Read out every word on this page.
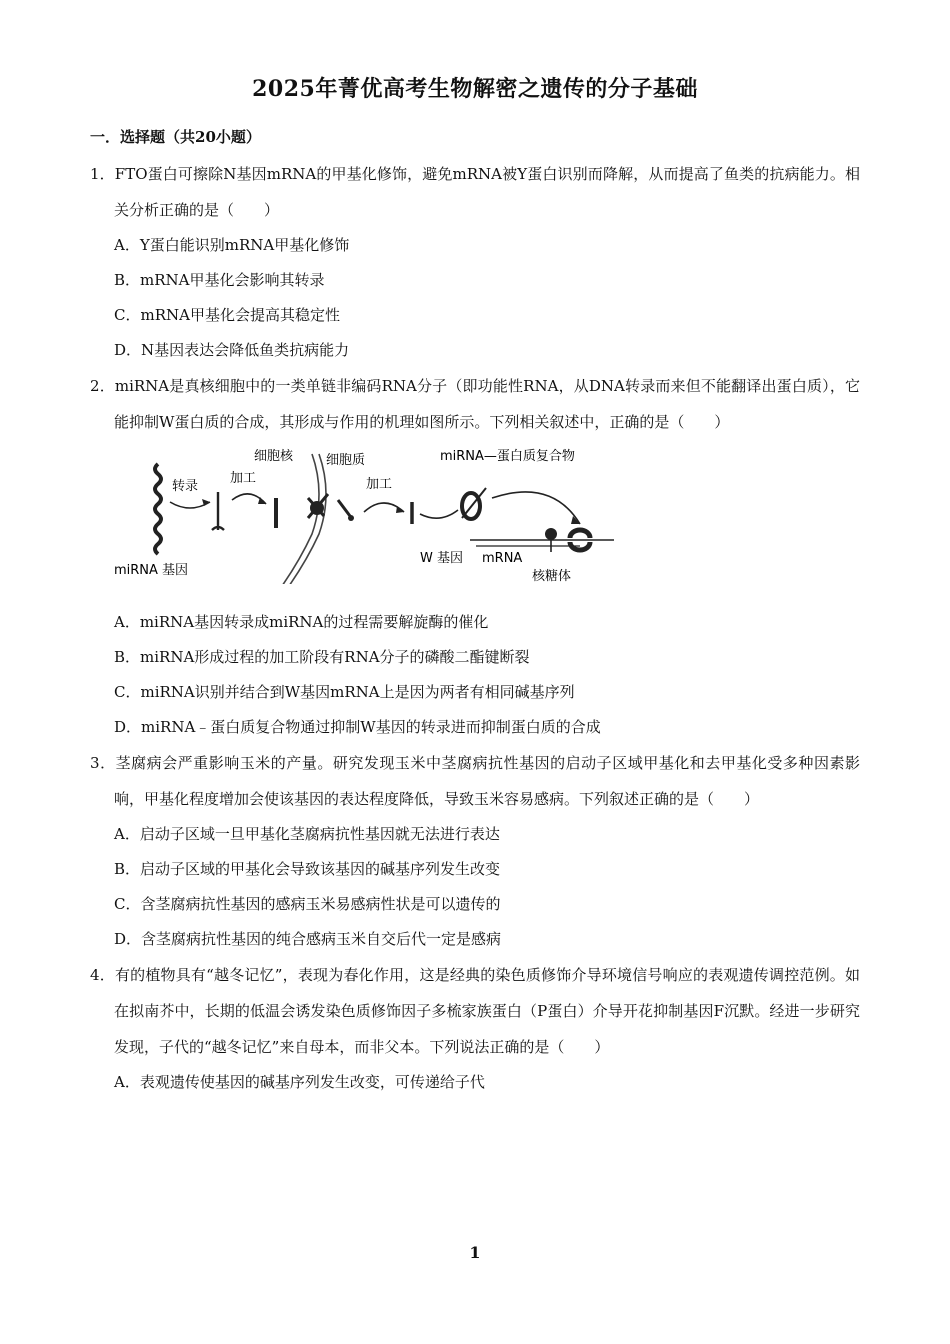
2025年菁优高考生物解密之遗传的分子基础
一．选择题（共20小题）
1．FTO蛋白可擦除N基因mRNA的甲基化修饰，避免mRNA被Y蛋白识别而降解，从而提高了鱼类的抗病能力。相关分析正确的是（　　）
A．Y蛋白能识别mRNA甲基化修饰
B．mRNA甲基化会影响其转录
C．mRNA甲基化会提高其稳定性
D．N基因表达会降低鱼类抗病能力
2．miRNA是真核细胞中的一类单链非编码RNA分子（即功能性RNA，从DNA转录而来但不能翻译出蛋白质），它能抑制W蛋白质的合成，其形成与作用的机理如图所示。下列相关叙述中，正确的是（　　）
miRNA 基因
转录
加工
细胞核	细胞质
加工
miRNA—蛋白质复合物
W 基因 mRNA
核糖体
A．miRNA基因转录成miRNA的过程需要解旋酶的催化
B．miRNA形成过程的加工阶段有RNA分子的磷酸二酯键断裂
C．miRNA识别并结合到W基因mRNA上是因为两者有相同碱基序列
D．miRNA﹣蛋白质复合物通过抑制W基因的转录进而抑制蛋白质的合成
3．茎腐病会严重影响玉米的产量。研究发现玉米中茎腐病抗性基因的启动子区域甲基化和去甲基化受多种因素影响，甲基化程度增加会使该基因的表达程度降低，导致玉米容易感病。下列叙述正确的是（　　）
A．启动子区域一旦甲基化茎腐病抗性基因就无法进行表达
B．启动子区域的甲基化会导致该基因的碱基序列发生改变
C．含茎腐病抗性基因的感病玉米易感病性状是可以遗传的
D．含茎腐病抗性基因的纯合感病玉米自交后代一定是感病
4．有的植物具有“越冬记忆”，表现为春化作用，这是经典的染色质修饰介导环境信号响应的表观遗传调控范例。如在拟南芥中，长期的低温会诱发染色质修饰因子多梳家族蛋白（P蛋白）介导开花抑制基因F沉默。经进一步研究发现，子代的“越冬记忆”来自母本，而非父本。下列说法正确的是（　　）
A．表观遗传使基因的碱基序列发生改变，可传递给子代
1
